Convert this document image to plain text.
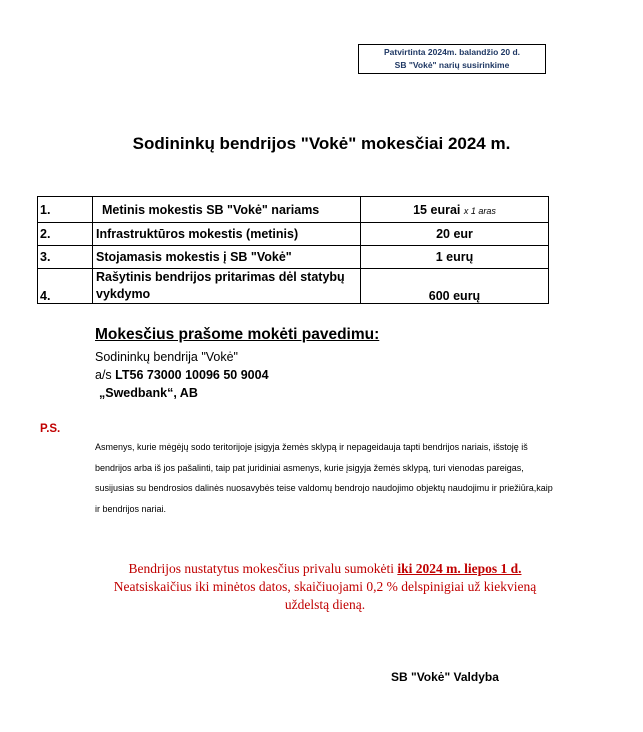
Patvirtinta 2024m. balandžio 20 d.
SB "Vokė" narių susirinkime
Sodininkų bendrijos "Vokė" mokesčiai 2024 m.
1.	Metinis mokestis SB "Vokė" nariams	15 eurai x 1 aras
2.	Infrastruktūros mokestis (metinis)	20 eur
3.	Stojamasis mokestis į SB "Vokė"	1 eurų
4.	Rašytinis bendrijos pritarimas dėl statybų
vykdymo	600 eurų
Mokesčius prašome mokėti pavedimu:
Sodininkų bendrija "Vokė"
a/s LT56 73000 10096 50 9004
„Swedbank“, AB
P.S.
Asmenys, kurie mėgėjų sodo teritorijoje įsigyja žemės sklypą ir nepageidauja tapti bendrijos nariais, išstoję iš bendrijos arba iš jos pašalinti, taip pat juridiniai asmenys, kurie įsigyja žemės sklypą, turi vienodas pareigas, susijusias su bendrosios dalinės nuosavybės teise valdomų bendrojo naudojimo objektų naudojimu ir priežiūra,kaip ir bendrijos nariai.
Bendrijos nustatytus mokesčius privalu sumokėti iki 2024 m. liepos 1 d.
Neatsiskaičius iki minėtos datos, skaičiuojami 0,2 % delspinigiai už kiekvieną uždelstą dieną.
SB "Vokė" Valdyba
